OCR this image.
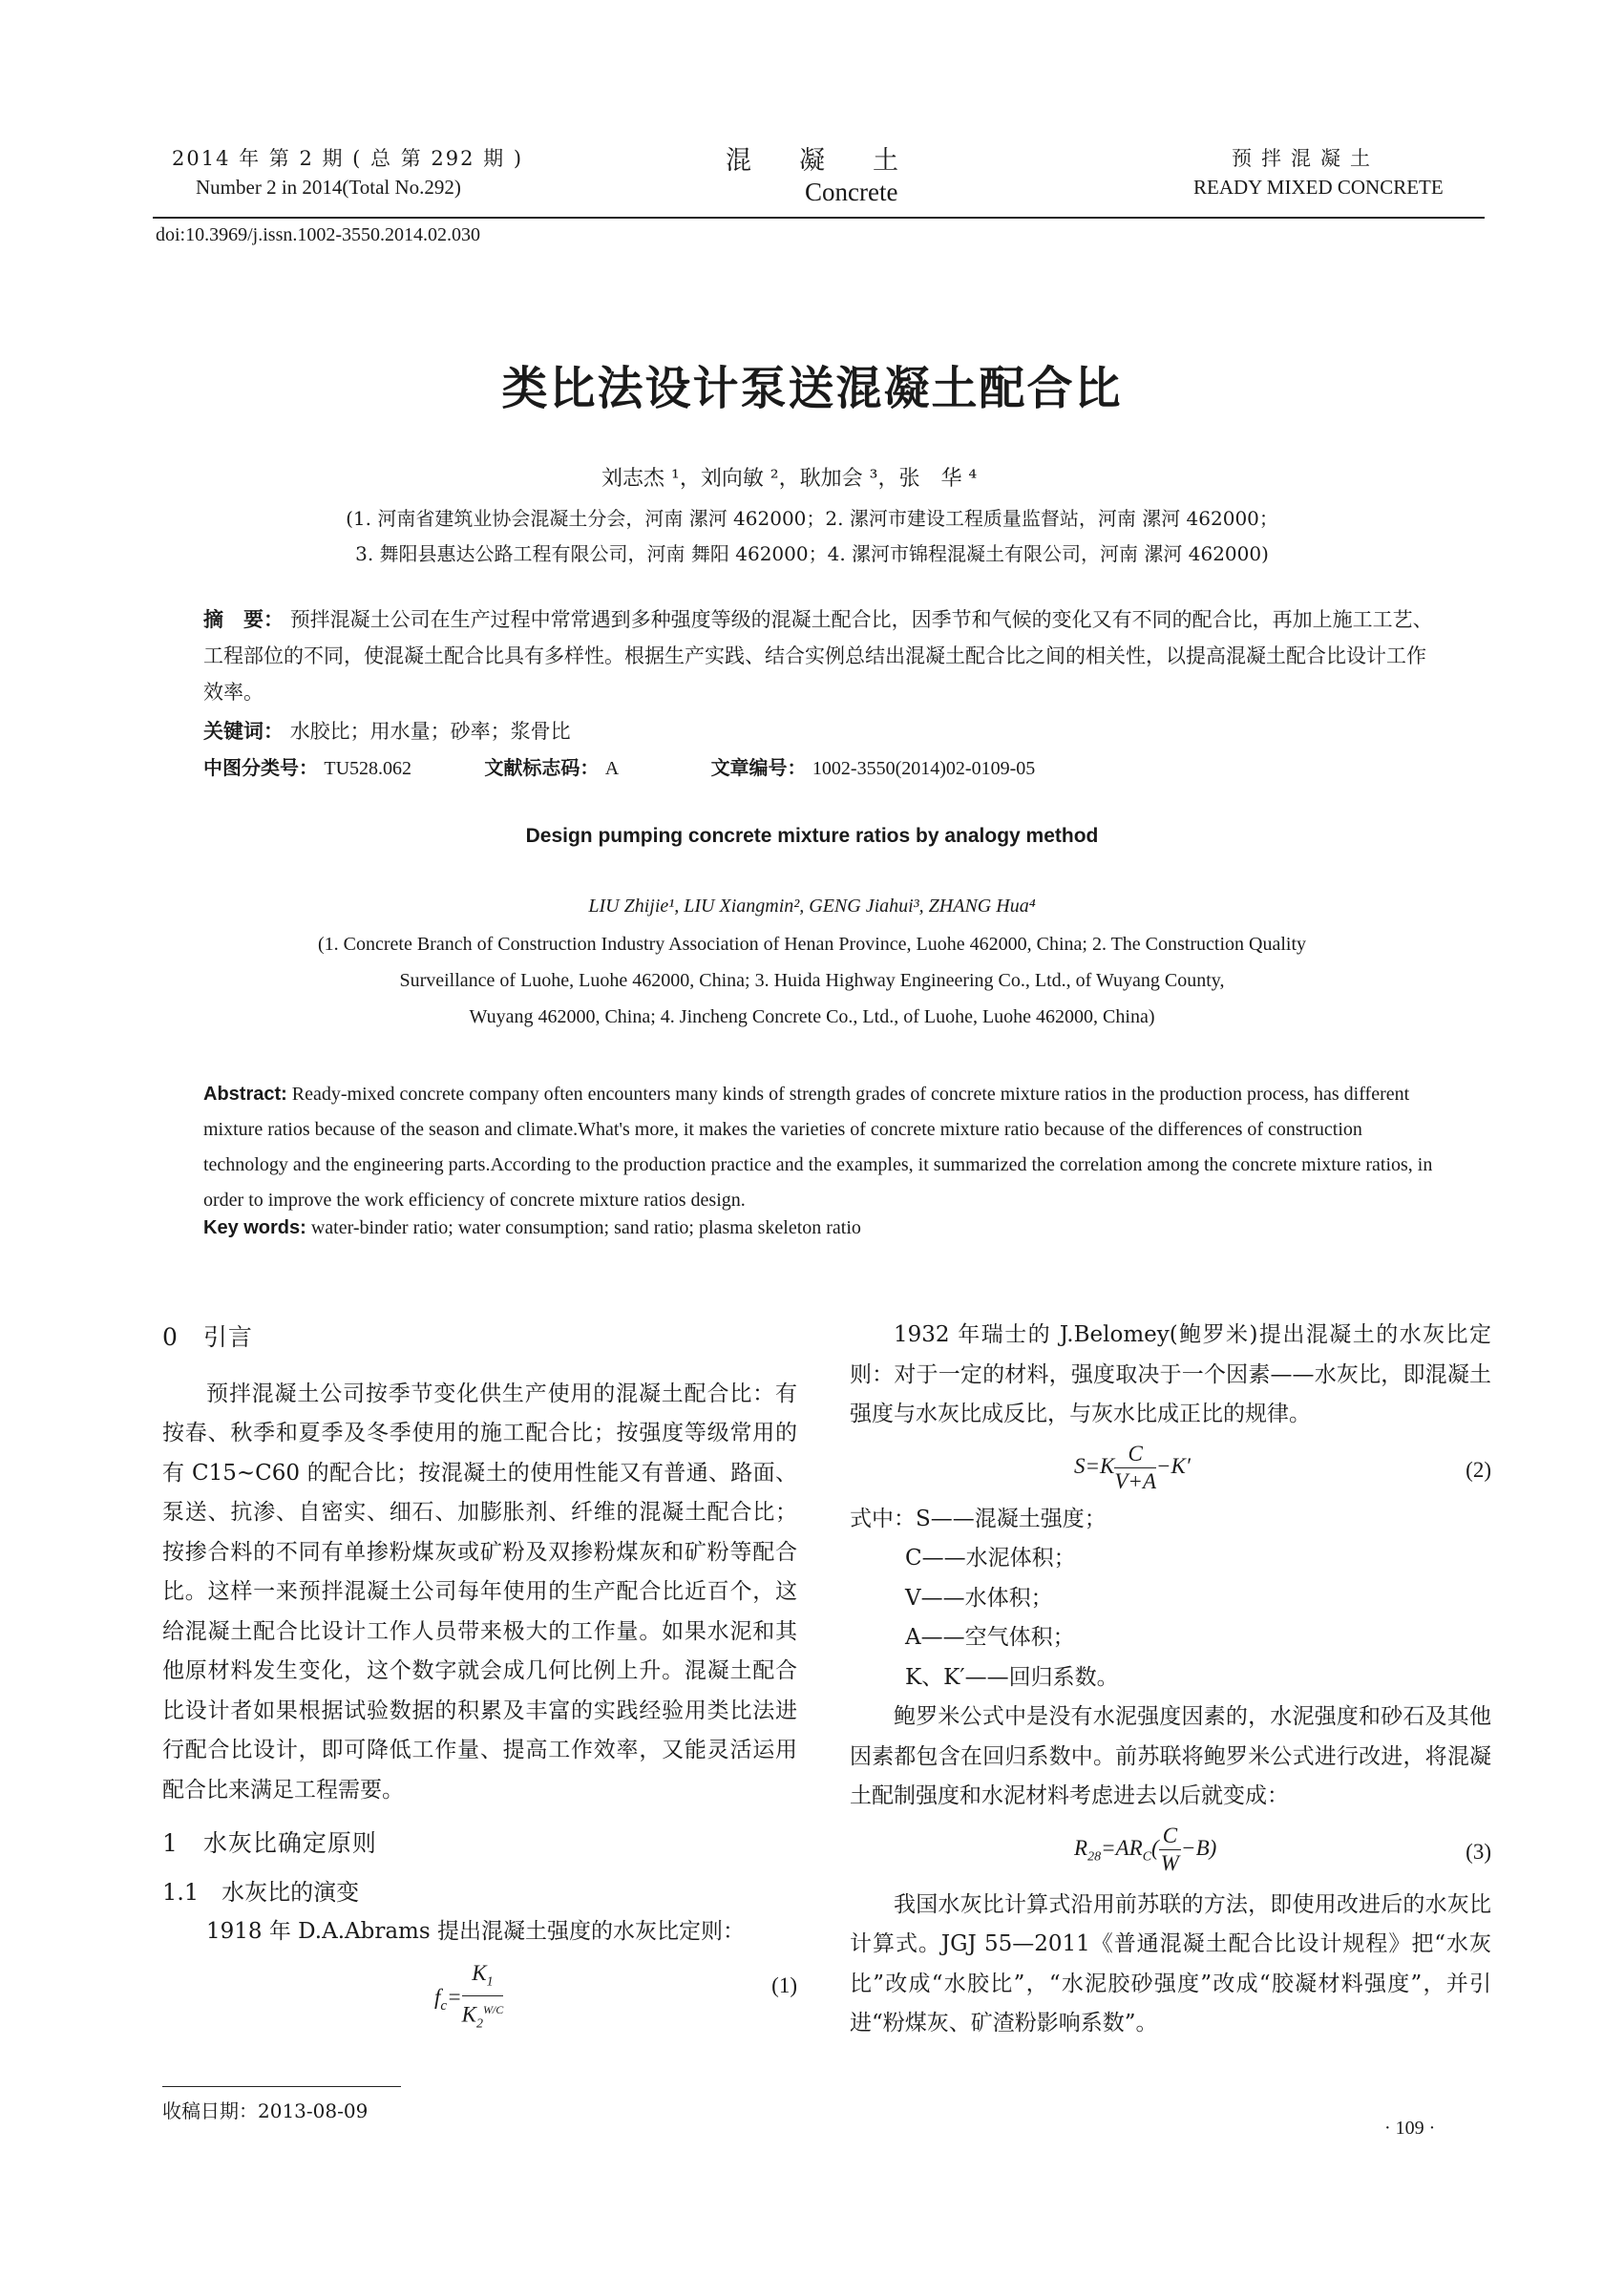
2014 年 第 2 期 ( 总 第 292 期 )
Number 2 in 2014(Total No.292)
混凝土
Concrete
预拌混凝土
READY MIXED CONCRETE
doi:10.3969/j.issn.1002-3550.2014.02.030
类比法设计泵送混凝土配合比
刘志杰 ¹，刘向敏 ²，耿加会 ³，张　华 ⁴
(1. 河南省建筑业协会混凝土分会，河南 漯河 462000；2. 漯河市建设工程质量监督站，河南 漯河 462000；
3. 舞阳县惠达公路工程有限公司，河南 舞阳 462000；4. 漯河市锦程混凝土有限公司，河南 漯河 462000)
摘　要： 预拌混凝土公司在生产过程中常常遇到多种强度等级的混凝土配合比，因季节和气候的变化又有不同的配合比，再加上施工工艺、工程部位的不同，使混凝土配合比具有多样性。根据生产实践、结合实例总结出混凝土配合比之间的相关性，以提高混凝土配合比设计工作效率。
关键词： 水胶比；用水量；砂率；浆骨比
中图分类号： TU528.062	文献标志码： A	文章编号： 1002-3550(2014)02-0109-05
Design pumping concrete mixture ratios by analogy method
LIU Zhijie¹, LIU Xiangmin², GENG Jiahui³, ZHANG Hua⁴
(1. Concrete Branch of Construction Industry Association of Henan Province, Luohe 462000, China; 2. The Construction Quality
Surveillance of Luohe, Luohe 462000, China; 3. Huida Highway Engineering Co., Ltd., of Wuyang County,
Wuyang 462000, China; 4. Jincheng Concrete Co., Ltd., of Luohe, Luohe 462000, China)
Abstract: Ready-mixed concrete company often encounters many kinds of strength grades of concrete mixture ratios in the production process, has different mixture ratios because of the season and climate.What's more, it makes the varieties of concrete mixture ratio because of the differences of construction technology and the engineering parts.According to the production practice and the examples, it summarized the correlation among the concrete mixture ratios, in order to improve the work efficiency of concrete mixture ratios design.
Key words: water-binder ratio; water consumption; sand ratio; plasma skeleton ratio
0　引言

预拌混凝土公司按季节变化供生产使用的混凝土配合比：有按春、秋季和夏季及冬季使用的施工配合比；按强度等级常用的有 C15~C60 的配合比；按混凝土的使用性能又有普通、路面、泵送、抗渗、自密实、细石、加膨胀剂、纤维的混凝土配合比；按掺合料的不同有单掺粉煤灰或矿粉及双掺粉煤灰和矿粉等配合比。这样一来预拌混凝土公司每年使用的生产配合比近百个，这给混凝土配合比设计工作人员带来极大的工作量。如果水泥和其他原材料发生变化，这个数字就会成几何比例上升。混凝土配合比设计者如果根据试验数据的积累及丰富的实践经验用类比法进行配合比设计，即可降低工作量、提高工作效率，又能灵活运用配合比来满足工程需要。

1　水灰比确定原则
1.1　水灰比的演变

1918 年 D.A.Abrams 提出混凝土强度的水灰比定则：

$f_c= \frac{K_1}{K_2^{W/C}}$	(1)

1932 年瑞士的 J.Belomey(鲍罗米)提出混凝土的水灰比定则：对于一定的材料，强度取决于一个因素——水灰比，即混凝土强度与水灰比成反比，与灰水比成正比的规律。

$S=K \frac{C}{V+A} -K'$	(2)
式中：S——混凝土强度；
C——水泥体积；
V——水体积；
A——空气体积；
K、K′——回归系数。

鲍罗米公式中是没有水泥强度因素的，水泥强度和砂石及其他因素都包含在回归系数中。前苏联将鲍罗米公式进行改进，将混凝土配制强度和水泥材料考虑进去以后就变成：

$R_{28}=AR_C( \frac{C}{W} -B)$	(3)

我国水灰比计算式沿用前苏联的方法，即使用改进后的水灰比计算式。JGJ 55—2011《普通混凝土配合比设计规程》把“水灰比”改成“水胶比”，“水泥胶砂强度”改成“胶凝材料强度”，并引进“粉煤灰、矿渣粉影响系数”。

收稿日期：2013-08-09
· 109 ·
